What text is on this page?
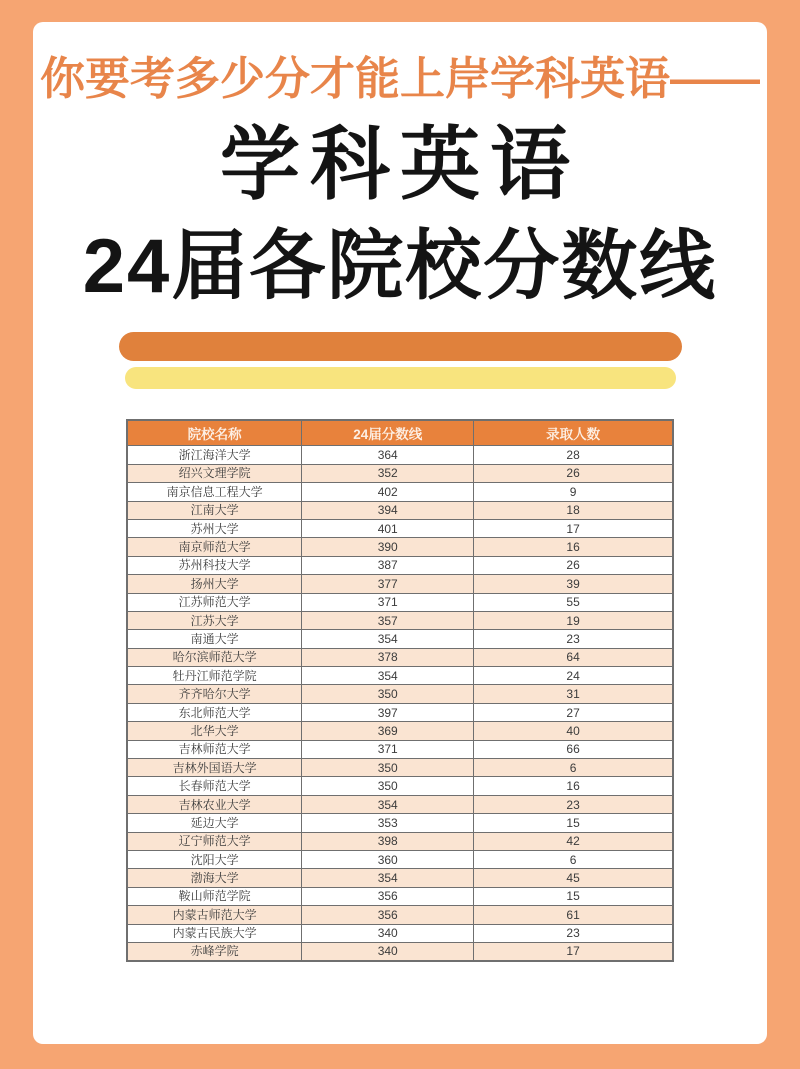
你要考多少分才能上岸学科英语——
学科英语
24届各院校分数线
院校名称	24届分数线	录取人数
浙江海洋大学	364	28
绍兴文理学院	352	26
南京信息工程大学	402	9
江南大学	394	18
苏州大学	401	17
南京师范大学	390	16
苏州科技大学	387	26
扬州大学	377	39
江苏师范大学	371	55
江苏大学	357	19
南通大学	354	23
哈尔滨师范大学	378	64
牡丹江师范学院	354	24
齐齐哈尔大学	350	31
东北师范大学	397	27
北华大学	369	40
吉林师范大学	371	66
吉林外国语大学	350	6
长春师范大学	350	16
吉林农业大学	354	23
延边大学	353	15
辽宁师范大学	398	42
沈阳大学	360	6
渤海大学	354	45
鞍山师范学院	356	15
内蒙古师范大学	356	61
内蒙古民族大学	340	23
赤峰学院	340	17
